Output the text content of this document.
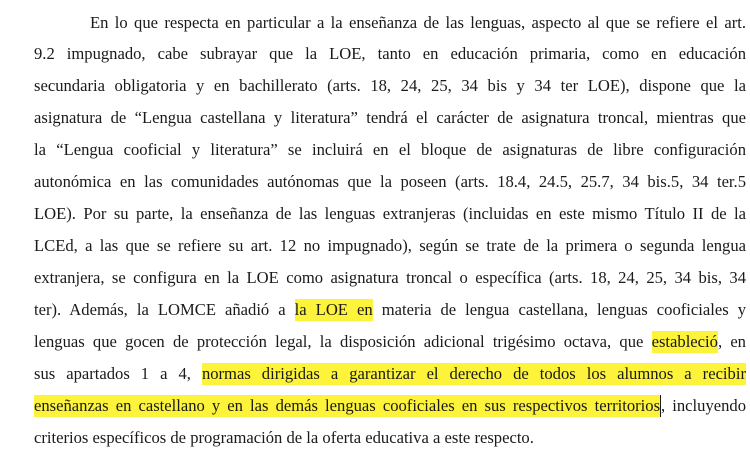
En lo que respecta en particular a la enseñanza de las lenguas, aspecto al que se refiere el art.

9.2 impugnado, cabe subrayar que la LOE, tanto en educación primaria, como en educación

secundaria obligatoria y en bachillerato (arts. 18, 24, 25, 34 bis y 34 ter LOE), dispone que la

asignatura de “Lengua castellana y literatura” tendrá el carácter de asignatura troncal, mientras que

la “Lengua cooficial y literatura” se incluirá en el bloque de asignaturas de libre configuración

autonómica en las comunidades autónomas que la poseen (arts. 18.4, 24.5, 25.7, 34 bis.5, 34 ter.5

LOE). Por su parte, la enseñanza de las lenguas extranjeras (incluidas en este mismo Título II de la

LCEd, a las que se refiere su art. 12 no impugnado), según se trate de la primera o segunda lengua

extranjera, se configura en la LOE como asignatura troncal o específica (arts. 18, 24, 25, 34 bis, 34

ter). Además, la LOMCE añadió a la LOE en materia de lengua castellana, lenguas cooficiales y

lenguas que gocen de protección legal, la disposición adicional trigésimo octava, que estableció, en

sus apartados 1 a 4, normas dirigidas a garantizar el derecho de todos los alumnos a recibir

enseñanzas en castellano y en las demás lenguas cooficiales en sus respectivos territorios, incluyendo

criterios específicos de programación de la oferta educativa a este respecto.
